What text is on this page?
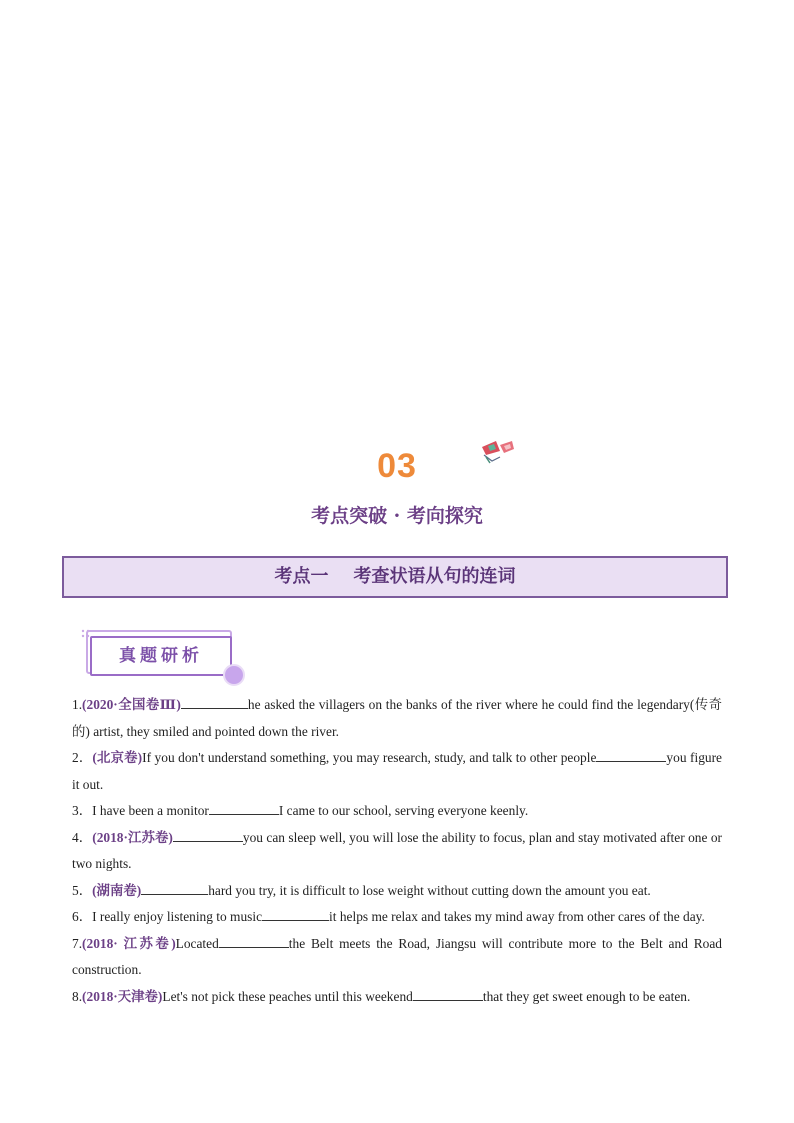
03
考点突破 · 考向探究
考点一 考查状语从句的连词
真题研析

1.(2020·全国卷Ⅲ)	he asked the villagers on the banks of the river where he could find the legendary(传奇的) artist, they smiled and pointed down the river.

2．(北京卷)If you don't understand something, you may research, study, and talk to other people	you figure it out.

3．I have been a monitor	I came to our school, serving everyone keenly.

4．(2018·江苏卷)	you can sleep well, you will lose the ability to focus, plan and stay motivated after one or two nights.

5．(湖南卷)	hard you try, it is difficult to lose weight without cutting down the amount you eat.

6．I really enjoy listening to music	it helps me relax and takes my mind away from other cares of the day.

7.(2018· 江苏卷)Located	the Belt meets the Road, Jiangsu will contribute more to the Belt and Road construction.

8.(2018·天津卷)Let's not pick these peaches until this weekend	that they get sweet enough to be eaten.
